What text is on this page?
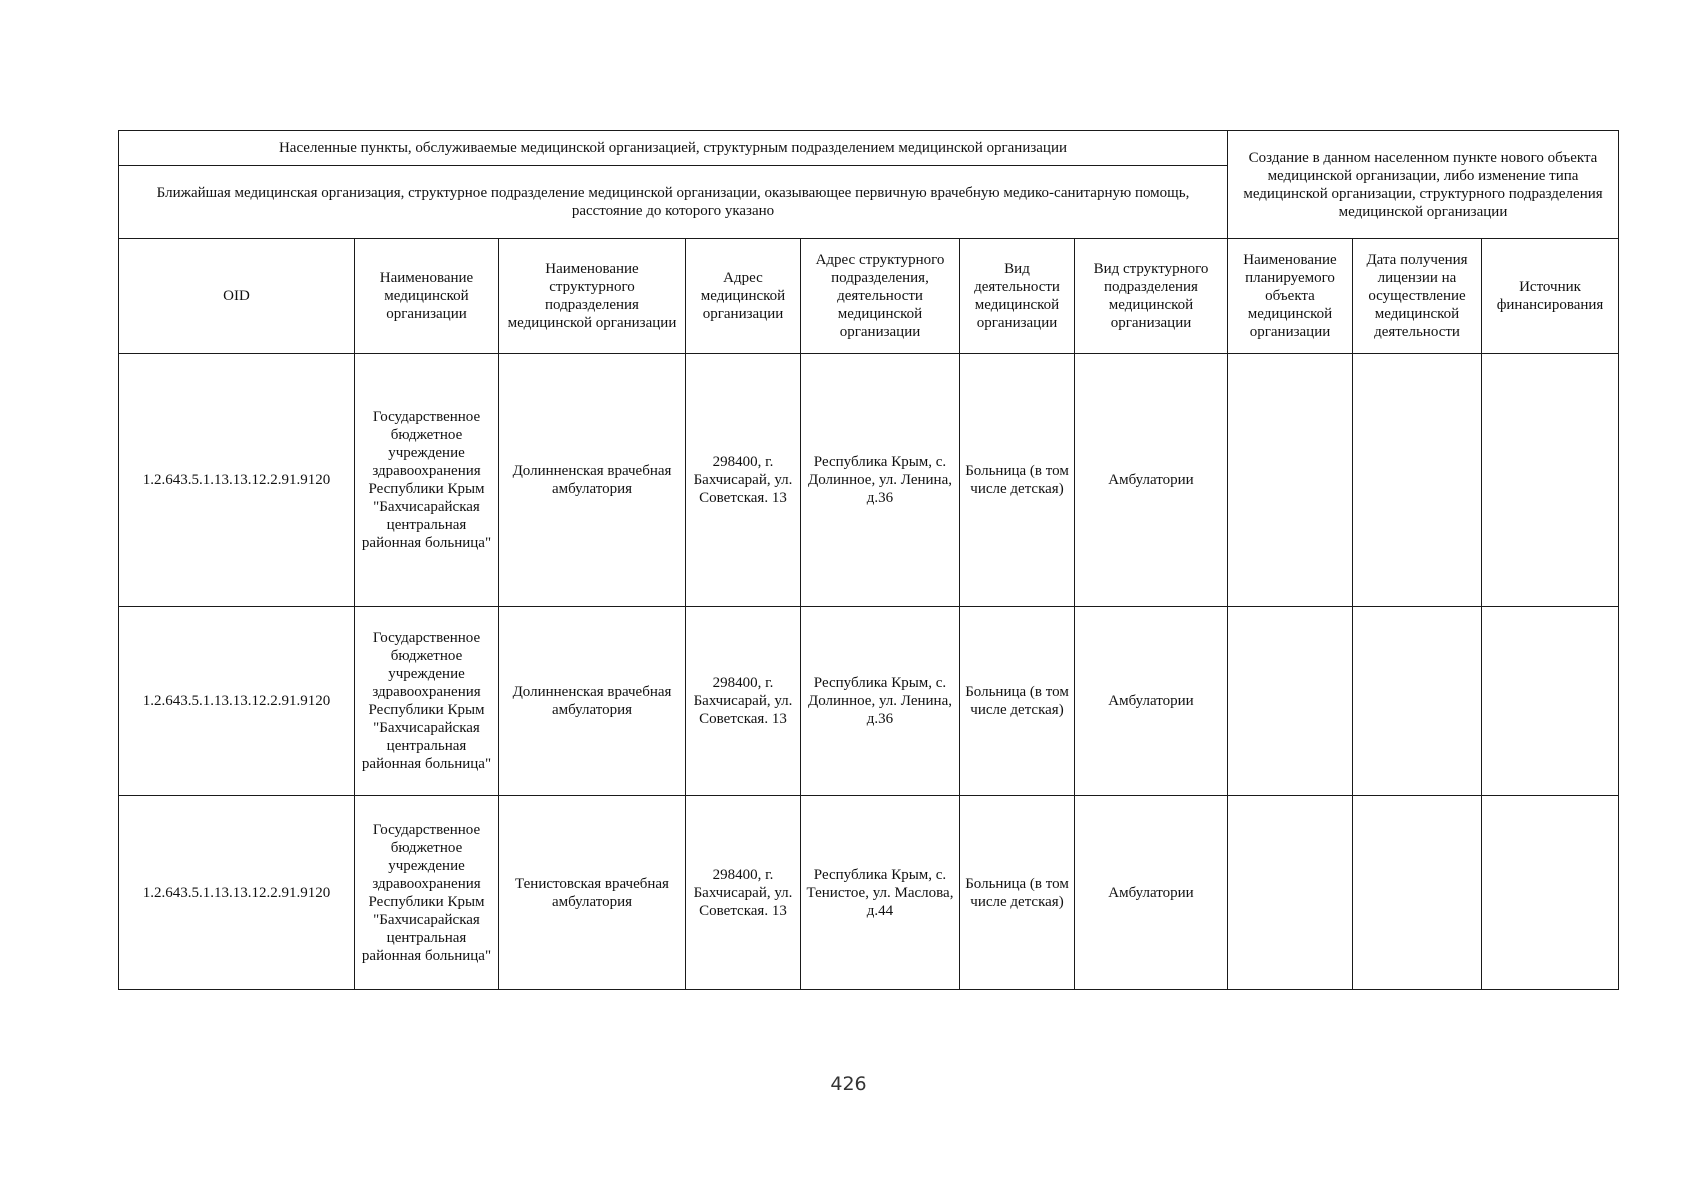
Населенные пункты, обслуживаемые медицинской организацией, структурным подразделением медицинской организации							Создание в данном населенном пункте нового объекта медицинской организации, либо изменение типа медицинской организации, структурного подразделения медицинской организации		
Ближайшая медицинская организация, структурное подразделение медицинской организации, оказывающее первичную врачебную медико-санитарную помощь, расстояние до которого указано									
OID	Наименование медицинской организации	Наименование структурного подразделения медицинской организации	Адрес медицинской организации	Адрес структурного подразделения, деятельности медицинской организации	Вид деятельности медицинской организации	Вид структурного подразделения медицинской организации	Наименование планируемого объекта медицинской организации	Дата получения лицензии на осуществление медицинской деятельности	Источник финансирования
1.2.643.5.1.13.13.12.2.91.9120	Государственное бюджетное учреждение здравоохранения Республики Крым "Бахчисарайская центральная районная больница"	Долинненская врачебная амбулатория	298400, г. Бахчисарай, ул. Советская. 13	Республика Крым, с. Долинное, ул. Ленина, д.36	Больница (в том числе детская)	Амбулатории			
1.2.643.5.1.13.13.12.2.91.9120	Государственное бюджетное учреждение здравоохранения Республики Крым "Бахчисарайская центральная районная больница"	Долинненская врачебная амбулатория	298400, г. Бахчисарай, ул. Советская. 13	Республика Крым, с. Долинное, ул. Ленина, д.36	Больница (в том числе детская)	Амбулатории			
1.2.643.5.1.13.13.12.2.91.9120	Государственное бюджетное учреждение здравоохранения Республики Крым "Бахчисарайская центральная районная больница"	Тенистовская врачебная амбулатория	298400, г. Бахчисарай, ул. Советская. 13	Республика Крым, с. Тенистое, ул. Маслова, д.44	Больница (в том числе детская)	Амбулатории			
426
